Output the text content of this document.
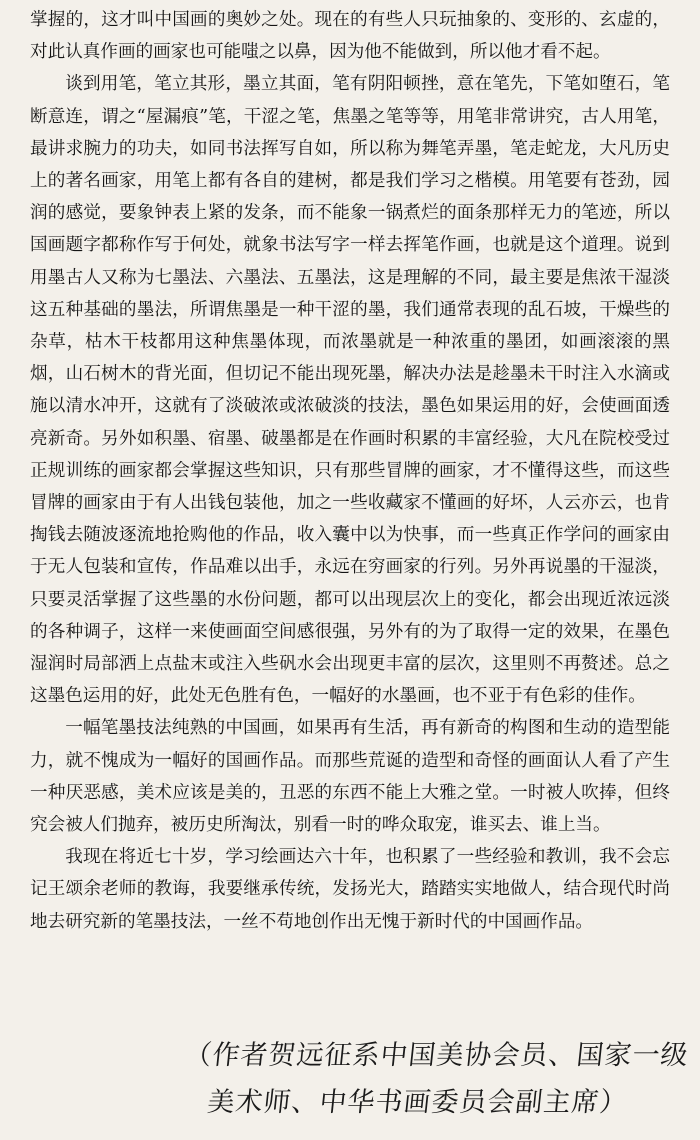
掌握的，这才叫中国画的奥妙之处。现在的有些人只玩抽象的、变形的、玄虚的，对此认真作画的画家也可能嗤之以鼻，因为他不能做到，所以他才看不起。

谈到用笔，笔立其形，墨立其面，笔有阴阳顿挫，意在笔先，下笔如堕石，笔断意连，谓之“屋漏痕”笔，干涩之笔，焦墨之笔等等，用笔非常讲究，古人用笔，最讲求腕力的功夫，如同书法挥写自如，所以称为舞笔弄墨，笔走蛇龙，大凡历史上的著名画家，用笔上都有各自的建树，都是我们学习之楷模。用笔要有苍劲，园润的感觉，要象钟表上紧的发条，而不能象一锅煮烂的面条那样无力的笔迹，所以国画题字都称作写于何处，就象书法写字一样去挥笔作画，也就是这个道理。说到用墨古人又称为七墨法、六墨法、五墨法，这是理解的不同，最主要是焦浓干湿淡这五种基础的墨法，所谓焦墨是一种干涩的墨，我们通常表现的乱石坡，干燥些的杂草，枯木干枝都用这种焦墨体现，而浓墨就是一种浓重的墨团，如画滚滚的黑烟，山石树木的背光面，但切记不能出现死墨，解决办法是趁墨未干时注入水滴或施以清水冲开，这就有了淡破浓或浓破淡的技法，墨色如果运用的好，会使画面透亮新奇。另外如积墨、宿墨、破墨都是在作画时积累的丰富经验，大凡在院校受过正规训练的画家都会掌握这些知识，只有那些冒牌的画家，才不懂得这些，而这些冒牌的画家由于有人出钱包装他，加之一些收藏家不懂画的好坏，人云亦云，也肯掏钱去随波逐流地抢购他的作品，收入囊中以为快事，而一些真正作学问的画家由于无人包装和宣传，作品难以出手，永远在穷画家的行列。另外再说墨的干湿淡，只要灵活掌握了这些墨的水份问题，都可以出现层次上的变化，都会出现近浓远淡的各种调子，这样一来使画面空间感很强，另外有的为了取得一定的效果，在墨色湿润时局部洒上点盐末或注入些矾水会出现更丰富的层次，这里则不再赘述。总之这墨色运用的好，此处无色胜有色，一幅好的水墨画，也不亚于有色彩的佳作。

一幅笔墨技法纯熟的中国画，如果再有生活，再有新奇的构图和生动的造型能力，就不愧成为一幅好的国画作品。而那些荒诞的造型和奇怪的画面认人看了产生一种厌恶感，美术应该是美的，丑恶的东西不能上大雅之堂。一时被人吹捧，但终究会被人们抛弃，被历史所淘汰，别看一时的哗众取宠，谁买去、谁上当。

我现在将近七十岁，学习绘画达六十年，也积累了一些经验和教训，我不会忘记王颂余老师的教诲，我要继承传统，发扬光大，踏踏实实地做人，结合现代时尚地去研究新的笔墨技法，一丝不苟地创作出无愧于新时代的中国画作品。

（作者贺远征系中国美协会员、国家一级
美术师、中华书画委员会副主席）
